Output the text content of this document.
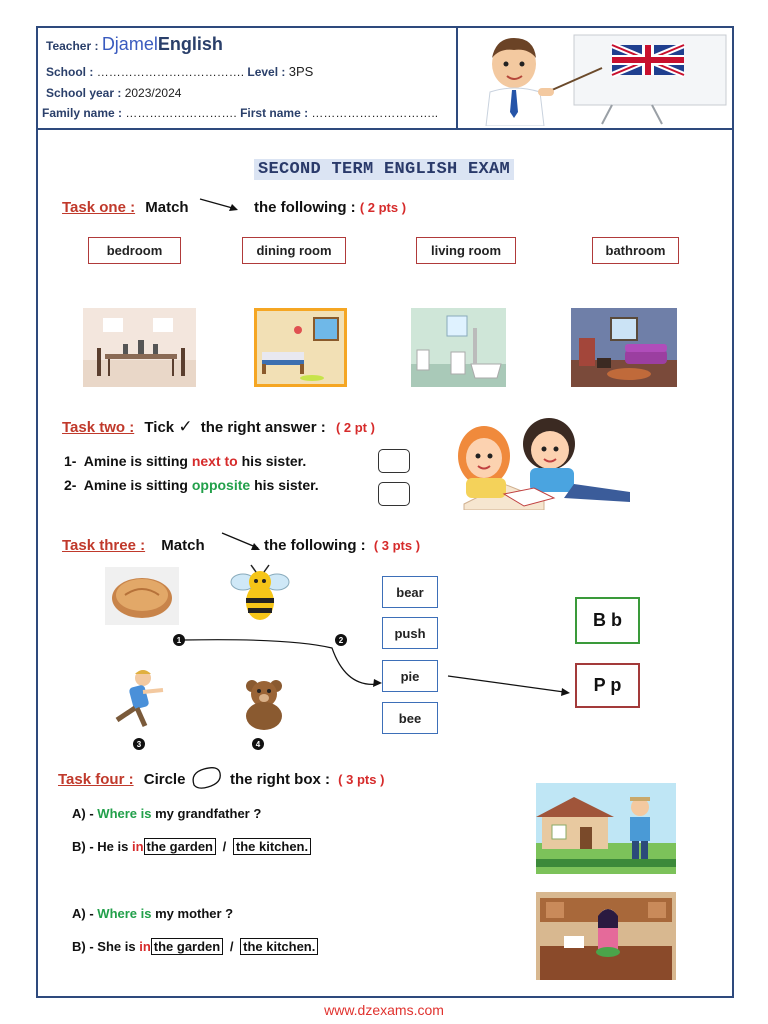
Teacher : DjamelEnglish
School : ………………………………. Level : 3PS
School year : 2023/2024
Family name : ………………………. First name : …………………………..
SECOND TERM ENGLISH EXAM
Task one : Match	the following : ( 2 pts )
bedroom	dining room	living room	bathroom
Task two : Tick ✓ the right answer : ( 2 pt )
1- Amine is sitting next to his sister.
2- Amine is sitting opposite his sister.
Task three : Match	the following : ( 3 pts )
1	2
3	4
bear
push
pie
bee
B b
P p
Task four : Circle	the right box : ( 3 pts )
A) - Where is my grandfather ?
B) - He is in the garden / the kitchen.
A) - Where is my mother ?
B) - She is in the garden / the kitchen.
www.dzexams.com
